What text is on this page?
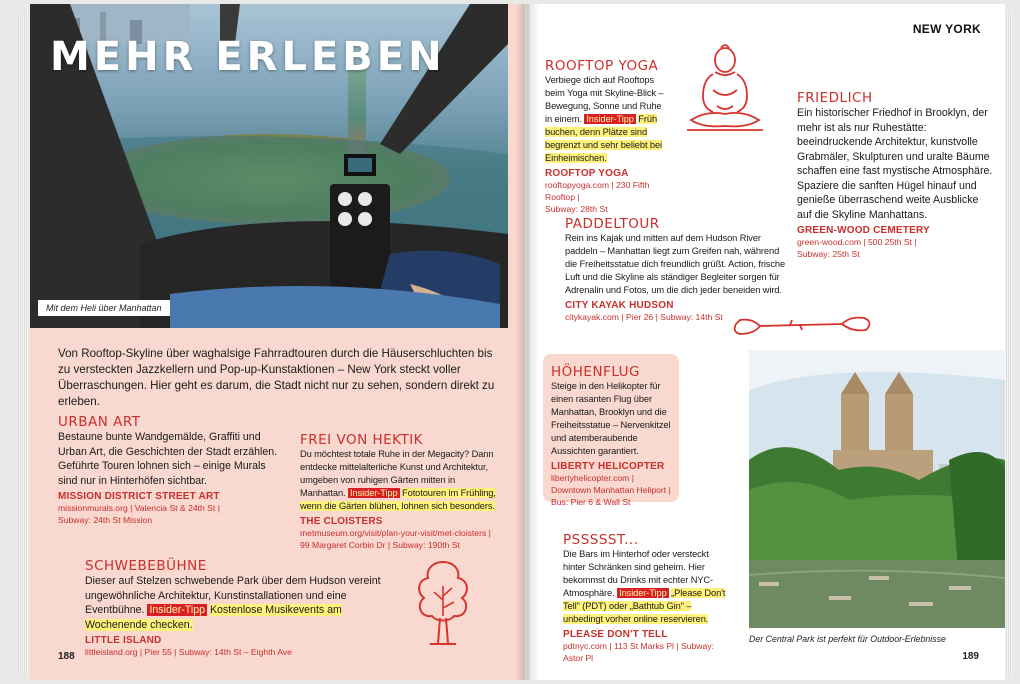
MEHR ERLEBEN
Mit dem Heli über Manhattan
Von Rooftop-Skyline über waghalsige Fahrradtouren durch die Häuserschluchten bis zu versteckten Jazzkellern und Pop-up-Kunstaktionen – New York steckt voller Überraschungen. Hier geht es darum, die Stadt nicht nur zu sehen, sondern direkt zu erleben.
URBAN ART
Bestaune bunte Wandgemälde, Graffiti und Urban Art, die Geschichten der Stadt erzählen. Geführte Touren lohnen sich – einige Murals sind nur in Hinterhöfen sichtbar.
MISSION DISTRICT STREET ART
missionmurals.org | Valencia St & 24th St |
Subway: 24th St Mission
FREI VON HEKTIK
Du möchtest totale Ruhe in der Megacity? Dann entdecke mittelalterliche Kunst und Architektur, umgeben von ruhigen Gärten mitten in Manhattan. Insider-Tipp Fototouren im Frühling, wenn die Gärten blühen, lohnen sich besonders.
THE CLOISTERS
metmuseum.org/visit/plan-your-visit/met-cloisters |
99 Margaret Corbin Dr | Subway: 190th St
SCHWEBEBÜHNE
Dieser auf Stelzen schwebende Park über dem Hudson vereint ungewöhnliche Architektur, Kunstinstallationen und eine Eventbühne. Insider-Tipp Kostenlose Musikevents am Wochenende checken.
LITTLE ISLAND
littleisland.org | Pier 55 | Subway: 14th St – Eighth Ave
188
NEW YORK
ROOFTOP YOGA
Verbiege dich auf Rooftops beim Yoga mit Skyline-Blick – Bewegung, Sonne und Ruhe in einem. Insider-Tipp Früh buchen, denn Plätze sind begrenzt und sehr beliebt bei Einheimischen.
ROOFTOP YOGA
rooftopyoga.com | 230 Fifth Rooftop |
Subway: 28th St
FRIEDLICH
Ein historischer Friedhof in Brooklyn, der mehr ist als nur Ruhestätte: beeindruckende Architektur, kunstvolle Grabmäler, Skulpturen und uralte Bäume schaffen eine fast mystische Atmosphäre. Spaziere die sanften Hügel hinauf und genieße überraschend weite Ausblicke auf die Skyline Manhattans.
GREEN-WOOD CEMETERY
green-wood.com | 500 25th St |
Subway: 25th St
PADDELTOUR
Rein ins Kajak und mitten auf dem Hudson River paddeln – Manhattan liegt zum Greifen nah, während die Freiheitsstatue dich freundlich grüßt. Action, frische Luft und die Skyline als ständiger Begleiter sorgen für Adrenalin und Fotos, um die dich jeder beneiden wird.
CITY KAYAK HUDSON
citykayak.com | Pier 26 | Subway: 14th St
HÖHENFLUG
Steige in den Helikopter für einen rasanten Flug über Manhattan, Brooklyn und die Freiheitsstatue – Nervenkitzel und atemberaubende Aussichten garantiert.
LIBERTY HELICOPTER
libertyhelicopter.com | Downtown Manhattan Heliport | Bus: Pier 6 & Wall St
PSSSSST...
Die Bars im Hinterhof oder versteckt hinter Schränken sind geheim. Hier bekommst du Drinks mit echter NYC-Atmosphäre. Insider-Tipp „Please Don't Tell" (PDT) oder „Bathtub Gin" – unbedingt vorher online reservieren.
PLEASE DON'T TELL
pdtnyc.com | 113 St Marks Pl | Subway: Astor Pl
Der Central Park ist perfekt für Outdoor-Erlebnisse
189
